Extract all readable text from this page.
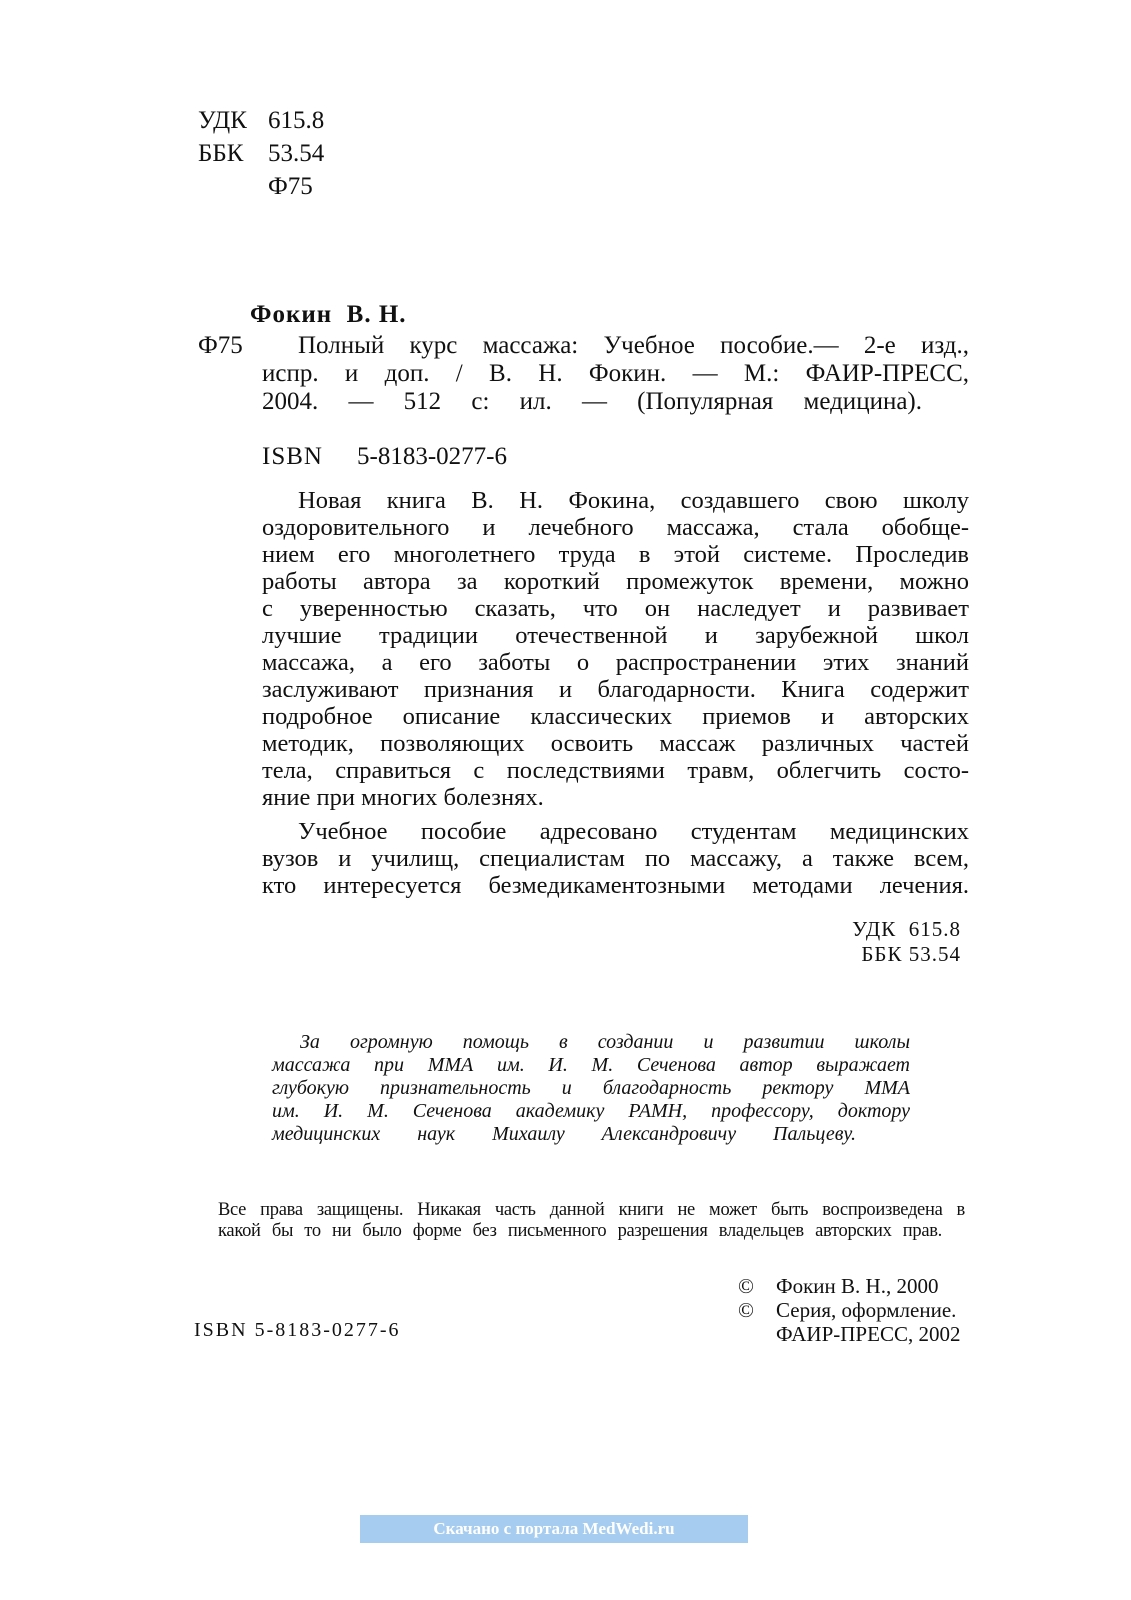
УДК 615.8
ББК 53.54
Ф75
Фокин  В. Н.
Ф75 Полный курс массажа: Учебное пособие.— 2-е изд.,
испр. и доп. / В. Н. Фокин. — М.: ФАИР-ПРЕСС,
2004. — 512 с: ил. — (Популярная медицина).
ISBN 5-8183-0277-6
Новая книга В. Н. Фокина, создавшего свою школу
оздоровительного и лечебного массажа, стала обобще-
нием его многолетнего труда в этой системе. Проследив
работы автора за короткий промежуток времени, можно
с уверенностью сказать, что он наследует и развивает
лучшие традиции отечественной и зарубежной школ
массажа, а его заботы о распространении этих знаний
заслуживают признания и благодарности. Книга содержит
подробное описание классических приемов и авторских
методик, позволяющих освоить массаж различных частей
тела, справиться с последствиями травм, облегчить состо-
яние при многих болезнях.
Учебное пособие адресовано студентам медицинских
вузов и училищ, специалистам по массажу, а также всем,
кто интересуется безмедикаментозными методами лечения.
УДК  615.8
ББК 53.54
За огромную помощь в создании и развитии школы
массажа при ММА им. И. М. Сеченова автор выражает
глубокую признательность и благодарность ректору ММА
им. И. М. Сеченова академику РАМН, профессору, доктору
медицинских наук Михаилу Александровичу Пальцеву.
Все права защищены. Никакая часть данной книги не может быть воспроизведена в
какой бы то ни было форме без письменного разрешения владельцев авторских прав.
© Фокин В. Н., 2000
© Серия, оформление.
ФАИР-ПРЕСС, 2002
ISBN 5-8183-0277-6
Скачано с портала MedWedi.ru
